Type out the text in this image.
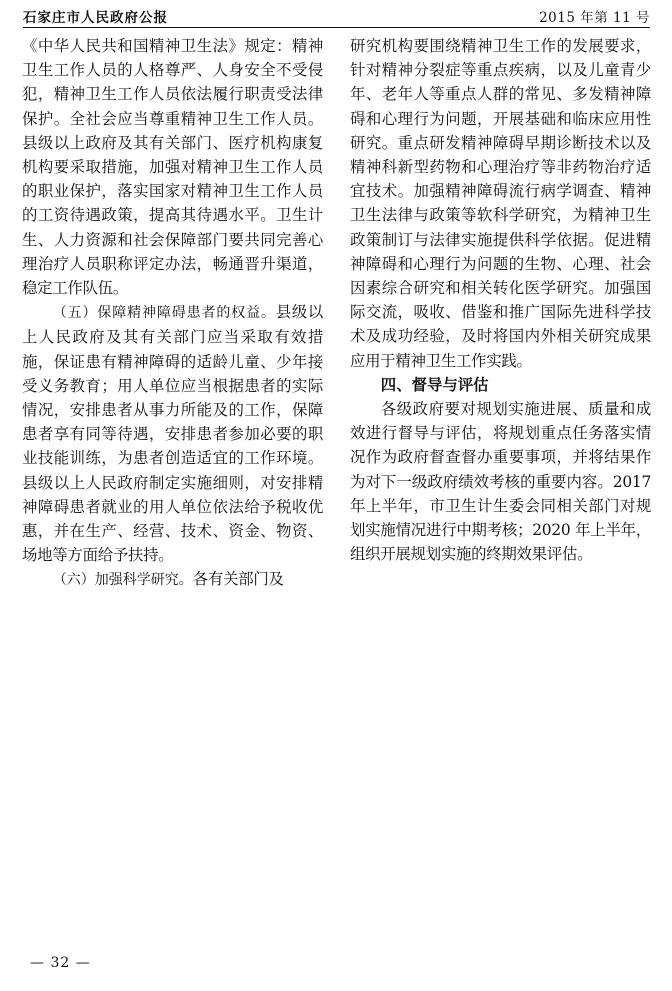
石家庄市人民政府公报	2015 年第 11 号

《中华人民共和国精神卫生法》规定：精神卫生工作人员的人格尊严、人身安全不受侵犯，精神卫生工作人员依法履行职责受法律保护。全社会应当尊重精神卫生工作人员。县级以上政府及其有关部门、医疗机构康复机构要采取措施，加强对精神卫生工作人员的职业保护，落实国家对精神卫生工作人员的工资待遇政策，提高其待遇水平。卫生计生、人力资源和社会保障部门要共同完善心理治疗人员职称评定办法，畅通晋升渠道，稳定工作队伍。

（五）保障精神障碍患者的权益。县级以上人民政府及其有关部门应当采取有效措施，保证患有精神障碍的适龄儿童、少年接受义务教育；用人单位应当根据患者的实际情况，安排患者从事力所能及的工作，保障患者享有同等待遇，安排患者参加必要的职业技能训练，为患者创造适宜的工作环境。县级以上人民政府制定实施细则，对安排精神障碍患者就业的用人单位依法给予税收优惠，并在生产、经营、技术、资金、物资、场地等方面给予扶持。

（六）加强科学研究。各有关部门及

研究机构要围绕精神卫生工作的发展要求，针对精神分裂症等重点疾病，以及儿童青少年、老年人等重点人群的常见、多发精神障碍和心理行为问题，开展基础和临床应用性研究。重点研发精神障碍早期诊断技术以及精神科新型药物和心理治疗等非药物治疗适宜技术。加强精神障碍流行病学调查、精神卫生法律与政策等软科学研究，为精神卫生政策制订与法律实施提供科学依据。促进精神障碍和心理行为问题的生物、心理、社会因素综合研究和相关转化医学研究。加强国际交流，吸收、借鉴和推广国际先进科学技术及成功经验，及时将国内外相关研究成果应用于精神卫生工作实践。

四、督导与评估

各级政府要对规划实施进展、质量和成效进行督导与评估，将规划重点任务落实情况作为政府督查督办重要事项，并将结果作为对下一级政府绩效考核的重要内容。2017 年上半年，市卫生计生委会同相关部门对规划实施情况进行中期考核；2020 年上半年，组织开展规划实施的终期效果评估。

— 32 —
